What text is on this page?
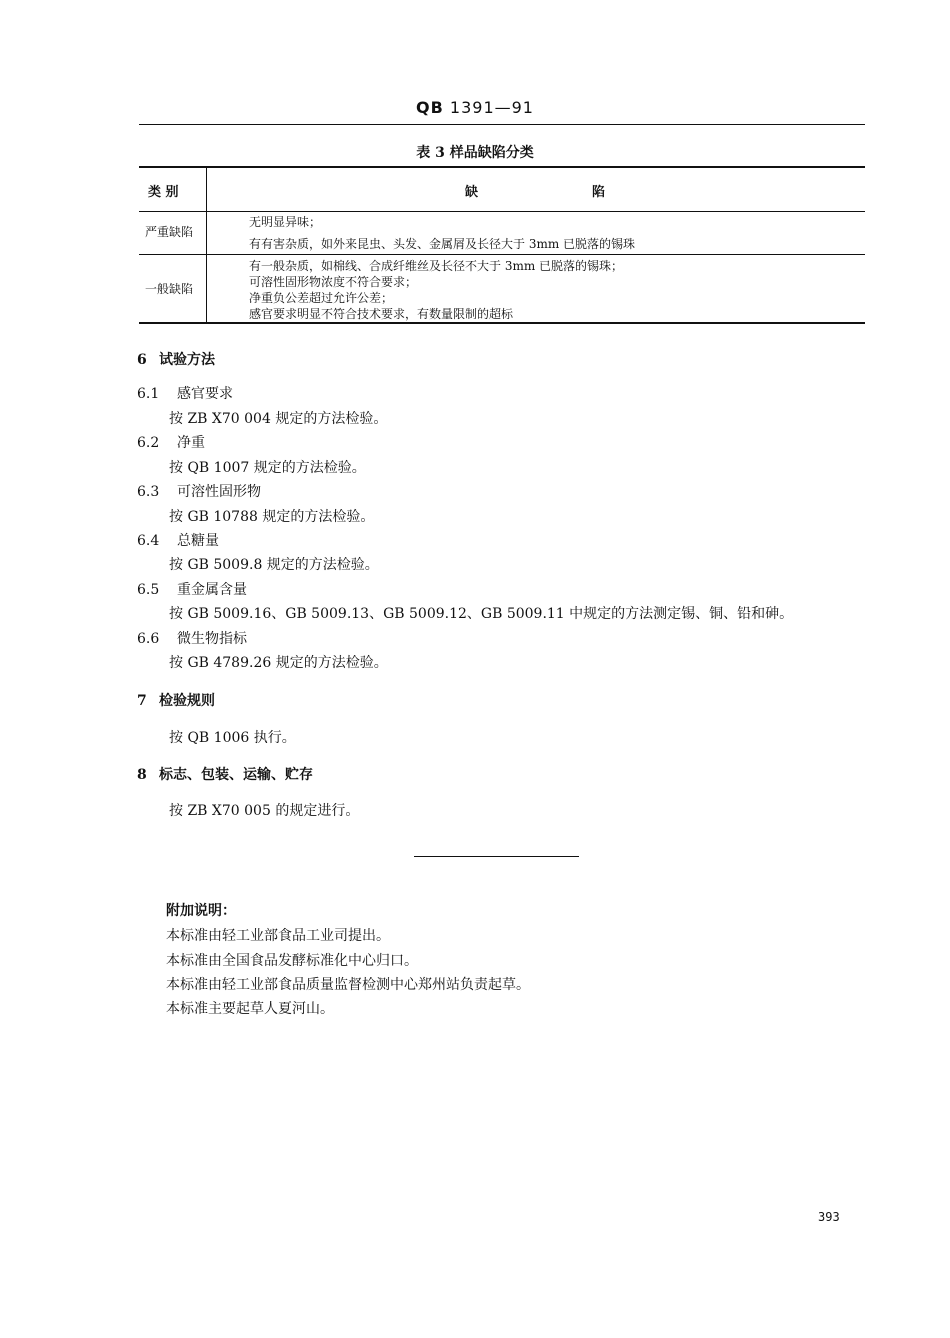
QB 1391—91
表 3 样品缺陷分类
类 别	缺	陷
严重缺陷
无明显异味；
有有害杂质，如外来昆虫、头发、金属屑及长径大于 3mm 已脱落的锡珠
一般缺陷
有一般杂质，如棉线、合成纤维丝及长径不大于 3mm 已脱落的锡珠；
可溶性固形物浓度不符合要求；
净重负公差超过允许公差；
感官要求明显不符合技术要求，有数量限制的超标
6 试验方法
6.1 感官要求
按 ZB X70 004 规定的方法检验。
6.2 净重
按 QB 1007 规定的方法检验。
6.3 可溶性固形物
按 GB 10788 规定的方法检验。
6.4 总糖量
按 GB 5009.8 规定的方法检验。
6.5 重金属含量
按 GB 5009.16、GB 5009.13、GB 5009.12、GB 5009.11 中规定的方法测定锡、铜、铅和砷。
6.6 微生物指标
按 GB 4789.26 规定的方法检验。
7 检验规则
按 QB 1006 执行。
8 标志、包装、运输、贮存
按 ZB X70 005 的规定进行。
附加说明：
本标准由轻工业部食品工业司提出。
本标准由全国食品发酵标准化中心归口。
本标准由轻工业部食品质量监督检测中心郑州站负责起草。
本标准主要起草人夏河山。
393
